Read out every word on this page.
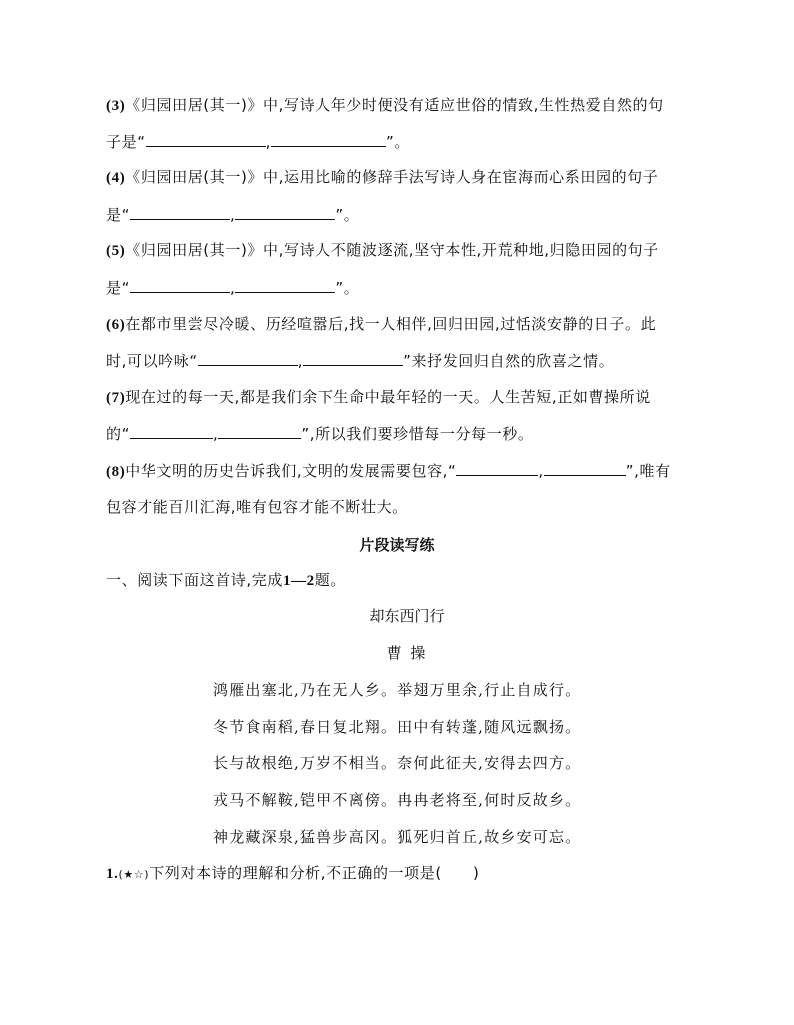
(3)《归园田居(其一)》中,写诗人年少时便没有适应世俗的情致,生性热爱自然的句
子是“	,	”。
(4)《归园田居(其一)》中,运用比喻的修辞手法写诗人身在宦海而心系田园的句子
是“	,	”。
(5)《归园田居(其一)》中,写诗人不随波逐流,坚守本性,开荒种地,归隐田园的句子
是“	,	”。
(6)在都市里尝尽冷暖、历经喧嚣后,找一人相伴,回归田园,过恬淡安静的日子。此
时,可以吟咏“	,	”来抒发回归自然的欣喜之情。
(7)现在过的每一天,都是我们余下生命中最年轻的一天。人生苦短,正如曹操所说
的“	,	”,所以我们要珍惜每一分每一秒。
(8)中华文明的历史告诉我们,文明的发展需要包容,“	,	”,唯有
包容才能百川汇海,唯有包容才能不断壮大。
片段读写练
一、阅读下面这首诗,完成1—2题。
却东西门行
曹 操
鸿雁出塞北,乃在无人乡。举翅万里余,行止自成行。
冬节食南稻,春日复北翔。田中有转蓬,随风远飘扬。
长与故根绝,万岁不相当。奈何此征夫,安得去四方。
戎马不解鞍,铠甲不离傍。冉冉老将至,何时反故乡。
神龙藏深泉,猛兽步高冈。狐死归首丘,故乡安可忘。
1.(★☆)下列对本诗的理解和分析,不正确的一项是(　　)
